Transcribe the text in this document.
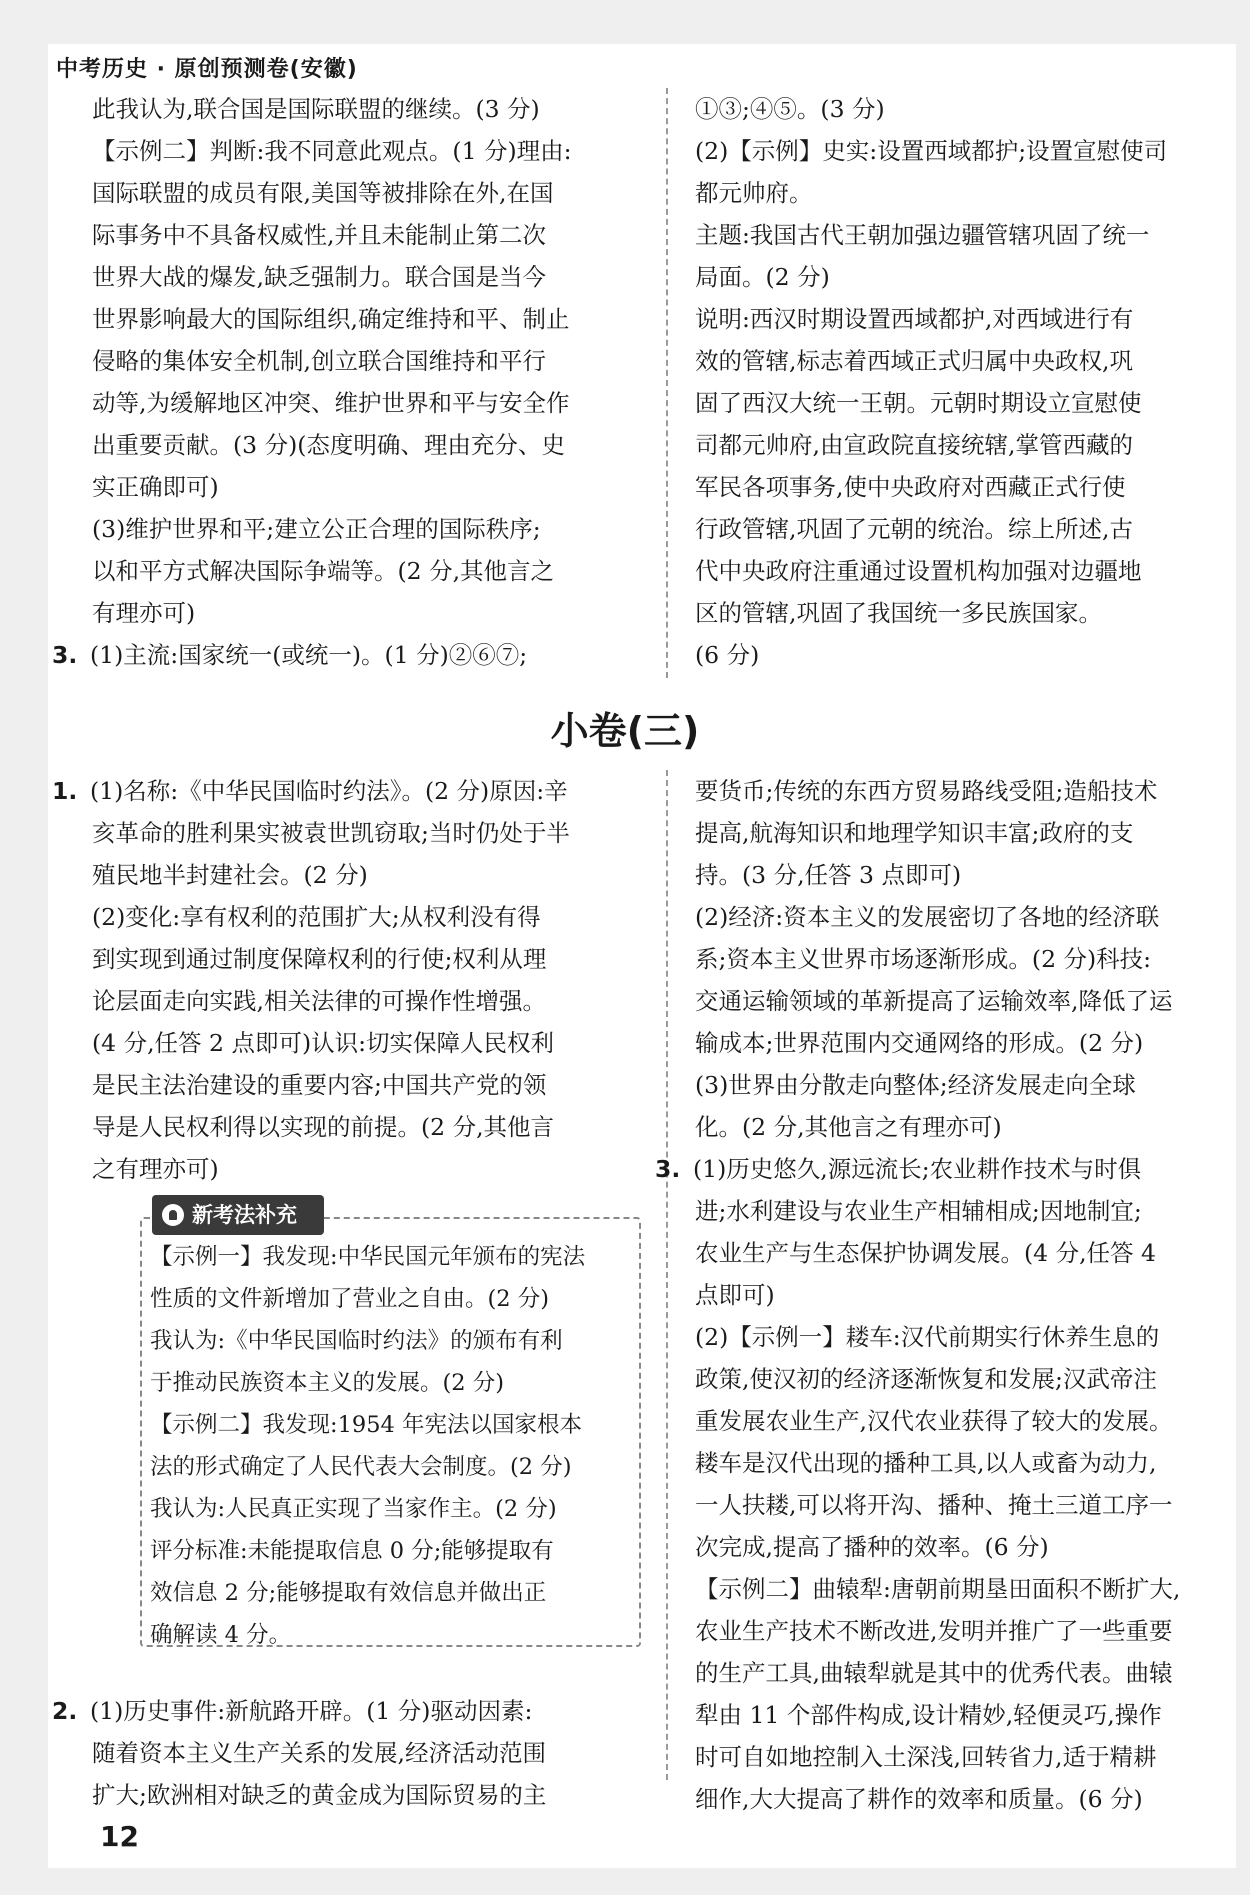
中考历史 · 原创预测卷(安徽)

此我认为,联合国是国际联盟的继续。(3 分)

【示例二】判断:我不同意此观点。(1 分)理由:

国际联盟的成员有限,美国等被排除在外,在国

际事务中不具备权威性,并且未能制止第二次

世界大战的爆发,缺乏强制力。联合国是当今

世界影响最大的国际组织,确定维持和平、制止

侵略的集体安全机制,创立联合国维持和平行

动等,为缓解地区冲突、维护世界和平与安全作

出重要贡献。(3 分)(态度明确、理由充分、史

实正确即可)

(3)维护世界和平;建立公正合理的国际秩序;

以和平方式解决国际争端等。(2 分,其他言之

有理亦可)

3. (1)主流:国家统一(或统一)。(1 分)②⑥⑦;

①③;④⑤。(3 分)

(2)【示例】史实:设置西域都护;设置宣慰使司

都元帅府。

主题:我国古代王朝加强边疆管辖巩固了统一

局面。(2 分)

说明:西汉时期设置西域都护,对西域进行有

效的管辖,标志着西域正式归属中央政权,巩

固了西汉大统一王朝。元朝时期设立宣慰使

司都元帅府,由宣政院直接统辖,掌管西藏的

军民各项事务,使中央政府对西藏正式行使

行政管辖,巩固了元朝的统治。综上所述,古

代中央政府注重通过设置机构加强对边疆地

区的管辖,巩固了我国统一多民族国家。

(6 分)

小卷(三)

1. (1)名称:《中华民国临时约法》。(2 分)原因:辛

亥革命的胜利果实被袁世凯窃取;当时仍处于半

殖民地半封建社会。(2 分)

(2)变化:享有权利的范围扩大;从权利没有得

到实现到通过制度保障权利的行使;权利从理

论层面走向实践,相关法律的可操作性增强。

(4 分,任答 2 点即可)认识:切实保障人民权利

是民主法治建设的重要内容;中国共产党的领

导是人民权利得以实现的前提。(2 分,其他言

之有理亦可)

新考法补充

【示例一】我发现:中华民国元年颁布的宪法

性质的文件新增加了营业之自由。(2 分)

我认为:《中华民国临时约法》的颁布有利

于推动民族资本主义的发展。(2 分)

【示例二】我发现:1954 年宪法以国家根本

法的形式确定了人民代表大会制度。(2 分)

我认为:人民真正实现了当家作主。(2 分)

评分标准:未能提取信息 0 分;能够提取有

效信息 2 分;能够提取有效信息并做出正

确解读 4 分。

2. (1)历史事件:新航路开辟。(1 分)驱动因素:

随着资本主义生产关系的发展,经济活动范围

扩大;欧洲相对缺乏的黄金成为国际贸易的主

要货币;传统的东西方贸易路线受阻;造船技术

提高,航海知识和地理学知识丰富;政府的支

持。(3 分,任答 3 点即可)

(2)经济:资本主义的发展密切了各地的经济联

系;资本主义世界市场逐渐形成。(2 分)科技:

交通运输领域的革新提高了运输效率,降低了运

输成本;世界范围内交通网络的形成。(2 分)

(3)世界由分散走向整体;经济发展走向全球

化。(2 分,其他言之有理亦可)

3. (1)历史悠久,源远流长;农业耕作技术与时俱

进;水利建设与农业生产相辅相成;因地制宜;

农业生产与生态保护协调发展。(4 分,任答 4

点即可)

(2)【示例一】耧车:汉代前期实行休养生息的

政策,使汉初的经济逐渐恢复和发展;汉武帝注

重发展农业生产,汉代农业获得了较大的发展。

耧车是汉代出现的播种工具,以人或畜为动力,

一人扶耧,可以将开沟、播种、掩土三道工序一

次完成,提高了播种的效率。(6 分)

【示例二】曲辕犁:唐朝前期垦田面积不断扩大,

农业生产技术不断改进,发明并推广了一些重要

的生产工具,曲辕犁就是其中的优秀代表。曲辕

犁由 11 个部件构成,设计精妙,轻便灵巧,操作

时可自如地控制入土深浅,回转省力,适于精耕

细作,大大提高了耕作的效率和质量。(6 分)

12
